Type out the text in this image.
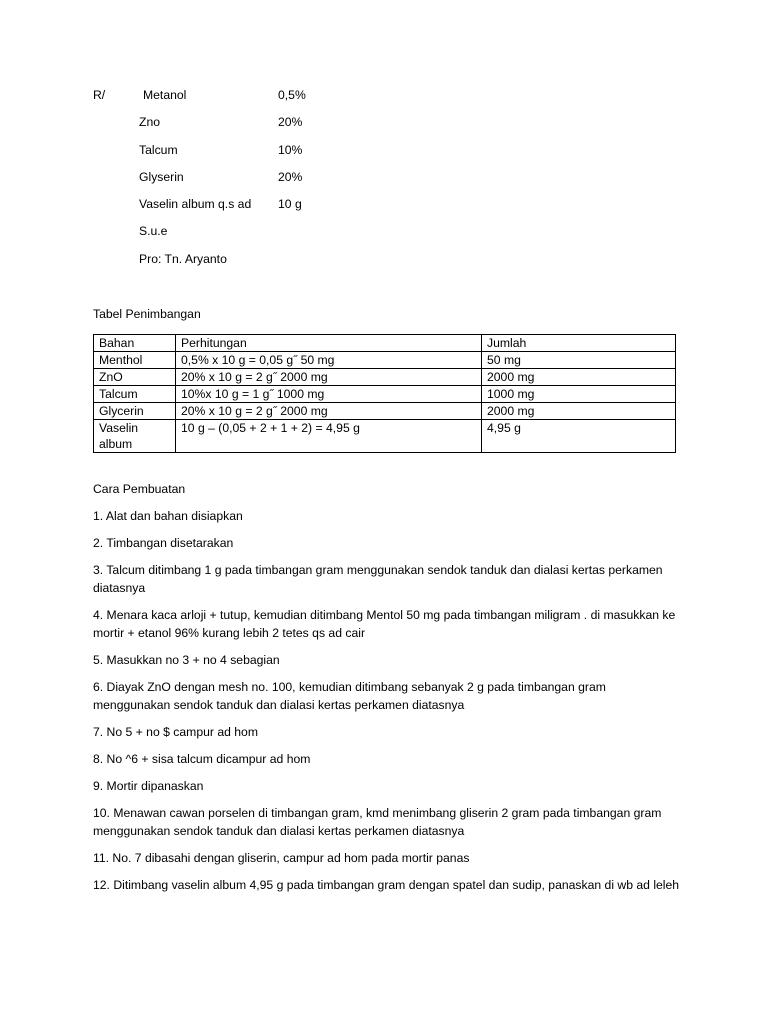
R/	Metanol	0,5%
Zno	20%
Talcum	10%
Glyserin	20%
Vaselin album q.s ad 10 g
S.u.e
Pro: Tn. Aryanto
Tabel Penimbangan
Bahan	Perhitungan	Jumlah
Menthol	0,5% x 10 g = 0,05 g˝ 50 mg	50 mg
ZnO	20% x 10 g = 2 g˝ 2000 mg	2000 mg
Talcum	10%x 10 g = 1 g˝ 1000 mg	1000 mg
Glycerin	20% x 10 g = 2 g˝ 2000 mg	2000 mg
Vaselin album	10 g – (0,05 + 2 + 1 + 2) = 4,95 g	4,95 g

Cara Pembuatan

1. Alat dan bahan disiapkan

2. Timbangan disetarakan

3. Talcum ditimbang 1 g pada timbangan gram menggunakan sendok tanduk dan dialasi kertas perkamen diatasnya

4. Menara kaca arloji + tutup, kemudian ditimbang Mentol 50 mg pada timbangan miligram . di masukkan ke mortir + etanol 96% kurang lebih 2 tetes qs ad cair

5. Masukkan no 3 + no 4 sebagian

6. Diayak ZnO dengan mesh no. 100, kemudian ditimbang sebanyak 2 g pada timbangan gram menggunakan sendok tanduk dan dialasi kertas perkamen diatasnya

7. No 5 + no $ campur ad hom

8. No ^6 + sisa talcum dicampur ad hom

9. Mortir dipanaskan

10. Menawan cawan porselen di timbangan gram, kmd menimbang gliserin 2 gram pada timbangan gram menggunakan sendok tanduk dan dialasi kertas perkamen diatasnya

11. No. 7 dibasahi dengan gliserin, campur ad hom pada mortir panas

12. Ditimbang vaselin album 4,95 g pada timbangan gram dengan spatel dan sudip, panaskan di wb ad leleh
